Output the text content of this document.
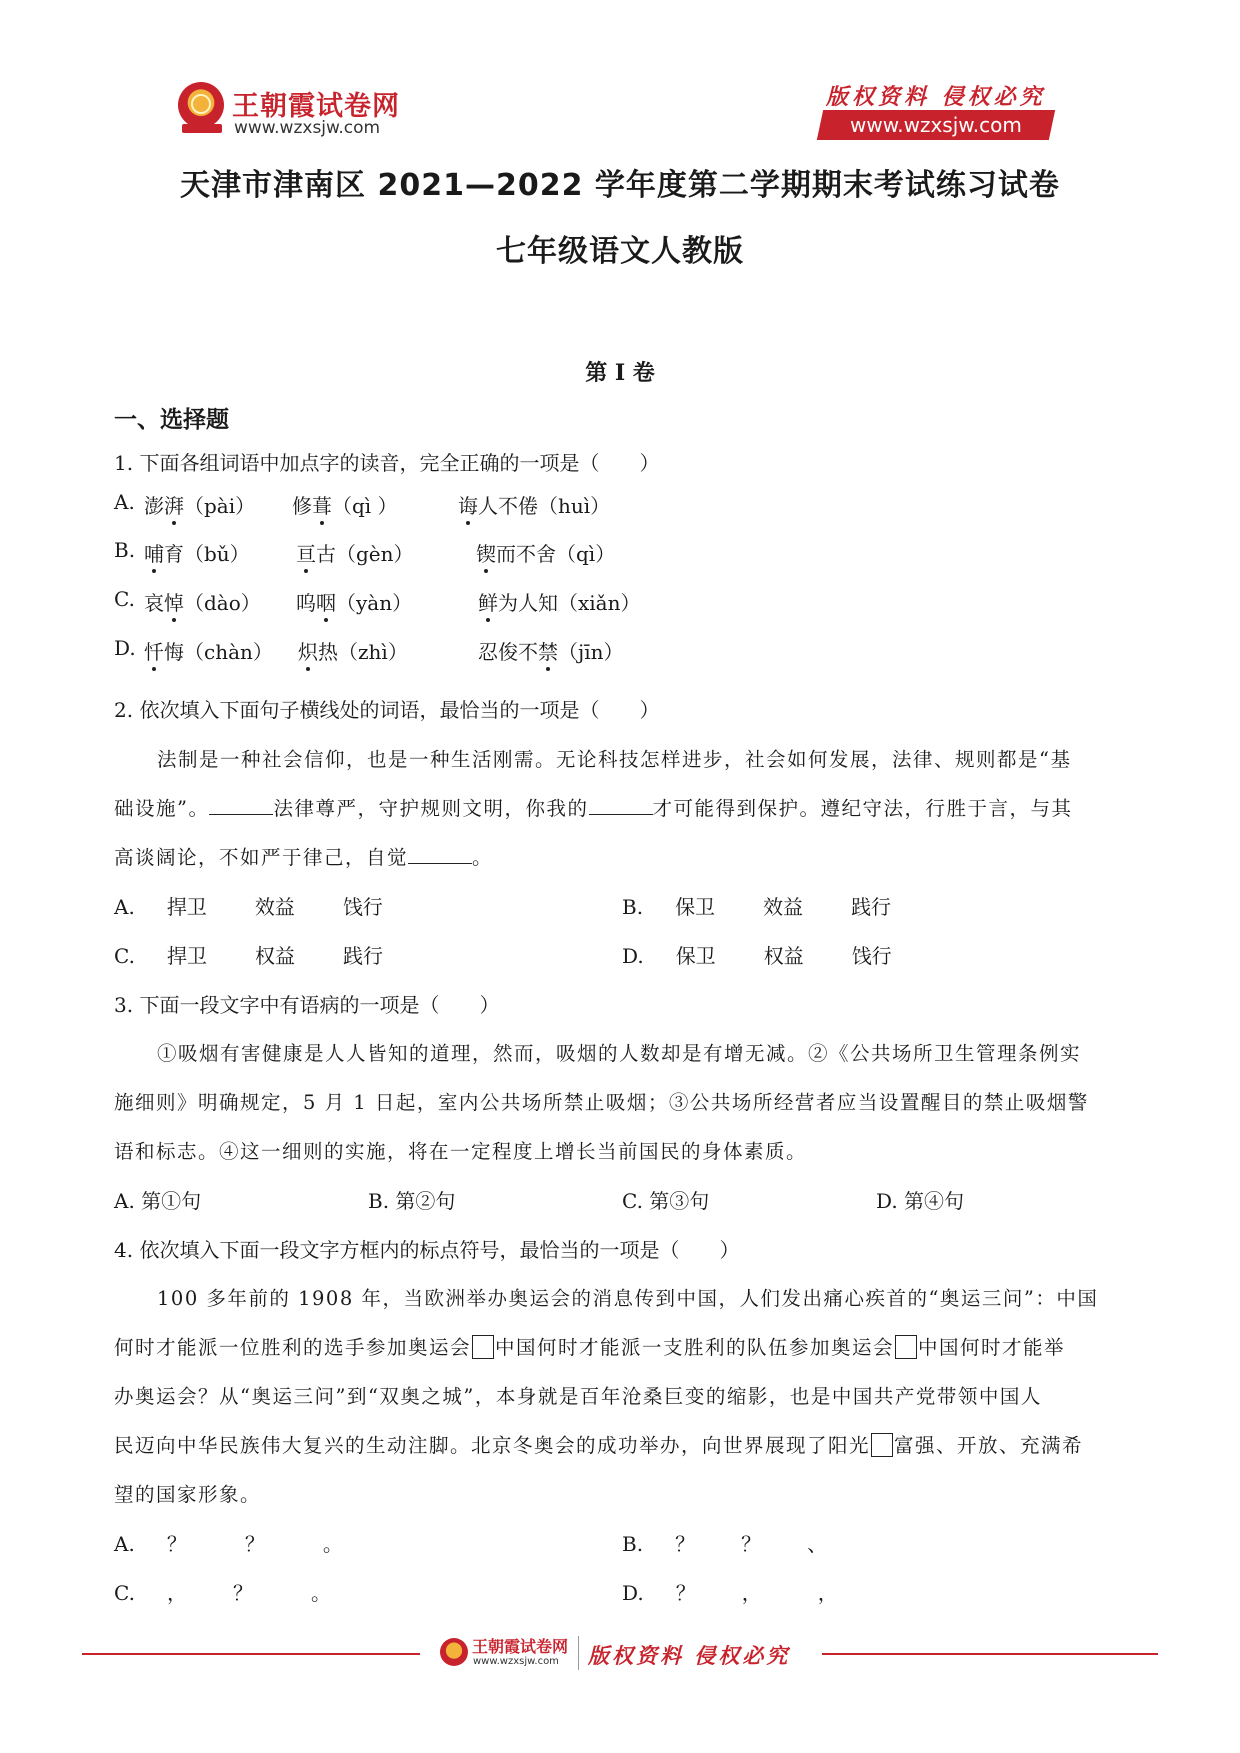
王朝霞试卷网
www.wzxsjw.com
版权资料 侵权必究
www.wzxsjw.com
天津市津南区 2021—2022 学年度第二学期期末考试练习试卷
七年级语文人教版
第 I 卷
一、选择题
1. 下面各组词语中加点字的读音，完全正确的一项是（　　）
A. 澎湃（pài） 修葺（qì ）	诲人不倦（huì）
B. 哺育（bǔ） 亘古（gèn）	锲而不舍（qì）
C. 哀悼（dào） 呜咽（yàn）	鲜为人知（xiǎn）
D. 忏悔（chàn） 炽热（zhì）	忍俊不禁（jīn）
2. 依次填入下面句子横线处的词语，最恰当的一项是（　　）
法制是一种社会信仰，也是一种生活刚需。无论科技怎样进步，社会如何发展，法律、规则都是“基
础设施”。	法律尊严，守护规则文明，你我的	才可能得到保护。遵纪守法，行胜于言，与其
高谈阔论，不如严于律己，自觉	。
A. 捍卫 效益 饯行	B. 保卫 效益 践行
C. 捍卫 权益 践行	D. 保卫 权益 饯行
3. 下面一段文字中有语病的一项是（　　）
①吸烟有害健康是人人皆知的道理，然而，吸烟的人数却是有增无减。②《公共场所卫生管理条例实
施细则》明确规定，5 月 1 日起，室内公共场所禁止吸烟；③公共场所经营者应当设置醒目的禁止吸烟警
语和标志。④这一细则的实施，将在一定程度上增长当前国民的身体素质。
A. 第①句	B. 第②句	C. 第③句	D. 第④句
4. 依次填入下面一段文字方框内的标点符号，最恰当的一项是（　　）
100 多年前的 1908 年，当欧洲举办奥运会的消息传到中国，人们发出痛心疾首的“奥运三问”：中国
何时才能派一位胜利的选手参加奥运会 中国何时才能派一支胜利的队伍参加奥运会 中国何时才能举
办奥运会？从“奥运三问”到“双奥之城”，本身就是百年沧桑巨变的缩影，也是中国共产党带领中国人
民迈向中华民族伟大复兴的生动注脚。北京冬奥会的成功举办，向世界展现了阳光 富强、开放、充满希
望的国家形象。
A. ？	？	。	B. ？ ？ 、
C. ， ？	。	D. ？ ，	，
王朝霞试卷网
www.wzxsjw.com 版权资料 侵权必究
